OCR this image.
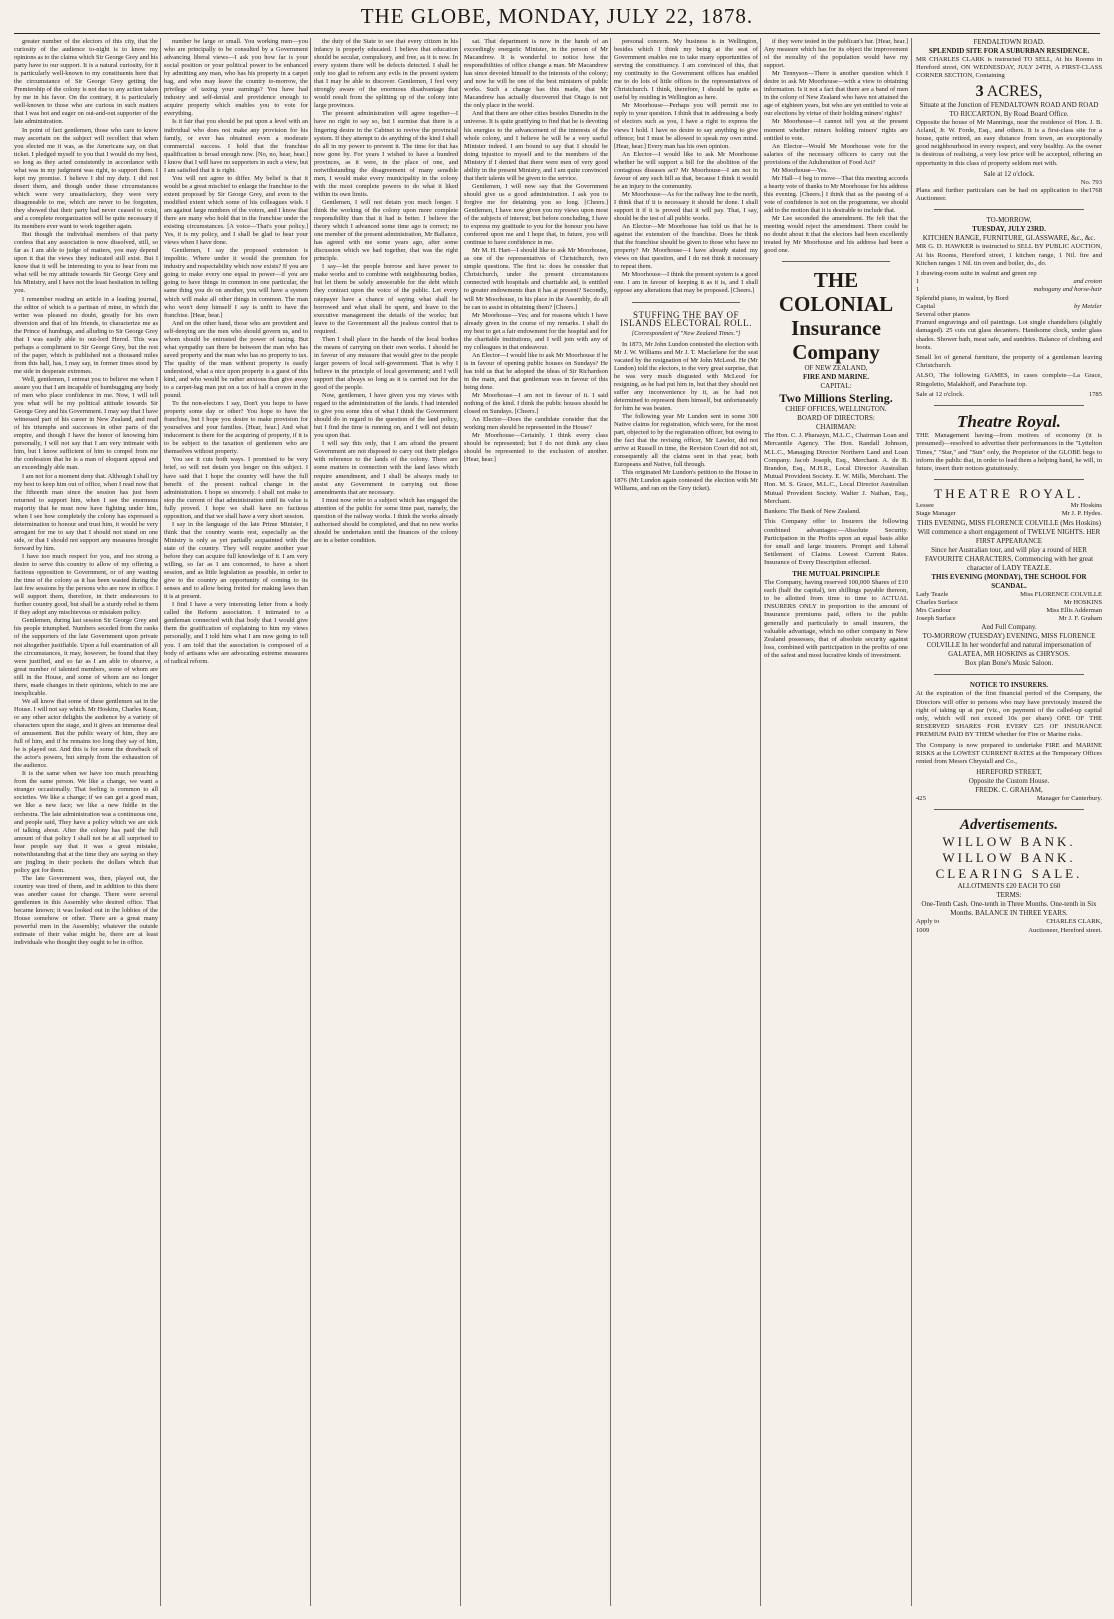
THE GLOBE, MONDAY, JULY 22, 1878.

greater number of the electors of this city, that the curiosity of the audience to-night is to know my opinions as to the claims which Sir George Grey and his party have to our support. It is a natural curiosity, for it is particularly well-known to my constituents here that the circumstance of Sir George Grey getting the Premiership of the colony is not due to any action taken by me in his favor. On the contrary, it is particularly well-known to those who are curious in such matters that I was hot and eager on out-and-out supporter of the late administration.

In point of fact gentlemen, those who care to know may ascertain on the subject will recollect that when you elected me it was, as the Americans say, on that ticket. I pledged myself to you that I would do my best, so long as they acted consistently in accordance with what was in my judgment was right, to support them. I kept my promise. I believe I did my duty. I did not desert them, and though under these circumstances which were very unsatisfactory, they were very disagreeable to me, which are never to be forgotten, they showed that their party had never ceased to exist, and a complete reorganization will be quite necessary if its members ever want to work together again.

But though the individual members of that party confess that any association is now dissolved, still, so far as I am able to judge of matters, you may depend upon it that the views they indicated still exist. But I know that it will be interesting to you to hear from me what will be my attitude towards Sir George Grey and his Ministry, and I have not the least hesitation in telling you.

I remember reading an article in a leading journal, the editor of which is a partisan of mine, in which the writer was pleased no doubt, greatly for his own diversion and that of his friends, to characterize me as the Prince of humbugs, and alluding to Sir George Grey that I was easily able to out-lord Herod. This was perhaps a compliment to Sir George Grey, but the rest of the paper, which is published not a thousand miles from this hall, has, I may say, in former times stood by me side in desperate extremes.

Well, gentlemen, I entreat you to believe me when I assure you that I am incapable of humbugging any body of men who place confidence in me. Now, I will tell you what will be my political attitude towards Sir George Grey and his Government. I may say that I have witnessed part of his career in New Zealand, and read of his triumphs and successes in other parts of the empire, and though I have the honor of knowing him personally, I will not say that I am very intimate with him, but I know sufficient of him to compel from me the confession that he is a man of eloquent appeal and an exceedingly able man.

I am not for a moment deny that. Although I shall try my best to keep him out of office, when I read now that the fifteenth man since the session has just been returned to support him, when I see the enormous majority that he must now have fighting under him, when I see how completely the colony has expressed a determination to honour and trust him, it would be very arrogant for me to say that I should not stand on one side, or that I should not support any measures brought forward by him.

I have too much respect for you, and too strong a desire to serve this country to allow of my offering a factious opposition to Government, or of any wasting the time of the colony as it has been wasted during the last few sessions by the persons who are now in office. I will support them, therefore, in their endeavours to further country good, but shall be a sturdy rebel to them if they adopt any mischievous or mistaken policy.

Gentlemen, during last session Sir George Grey and his people triumphed. Numbers seceded from the ranks of the supporters of the late Government upon private not altogether justifiable. Upon a full examination of all the circumstances, it may, however, be found that they were justified, and so far as I am able to observe, a great number of talented members, some of whom are still in the House, and some of whom are no longer there, made changes in their opinions, which to me are inexplicable.

We all know that some of these gentlemen sat in the House. I will not say which. Mr Hoskins, Charles Kean, or any other actor delights the audience by a variety of characters upon the stage, and it gives an immense deal of amusement. But the public weary of him, they are full of him, and if he remains too long they say of him, he is played out. And this is for some the drawback of the actor's powers, but simply from the exhaustion of the audience.

It is the same when we have too much preaching from the same person. We like a change, we want a stranger occasionally. That feeling is common to all societies. We like a change; if we can get a good man, we like a new face; we like a new fiddle in the orchestra. The late administration was a continuous one, and people said, They have a policy which we are sick of talking about. After the colony has paid the full amount of that policy I shall not be at all surprised to hear people say that it was a great mistake, notwithstanding that at the time they are saying so they are jingling in their pockets the dollars which that policy got for them.

The late Government was, then, played out, the country was tired of them, and in addition to this there was another cause for change. There were several gentlemen in this Assembly who desired office. That became known; it was looked out in the lobbies of the House somehow or other. There are a great many powerful men in the Assembly; whatever the outside estimate of their value might be, there are at least individuals who thought they ought to be in office.

number be large or small. You working men—you who are principally to be consulted by a Government advancing liberal views—I ask you how far is your social position or your political power to be enhanced by admitting any man, who has his property in a carpet bag, and who may leave the country to-morrow, the privilege of taxing your earnings? You have had industry and self-denial and providence enough to acquire property which enables you to vote for everything.

Is it fair that you should be put upon a level with an individual who does not make any provision for his family, or ever has obtained even a moderate commercial success. I hold that the franchise qualification is broad enough now. [No, no, hear, hear.] I know that I will have no supporters in such a view, but I am satisfied that it is right.

You will not agree to differ. My belief is that it would be a great mischief to enlarge the franchise to the extent proposed by Sir George Grey, and even to the modified extent which some of his colleagues wish. I am against large numbers of the voters, and I know that there are many who hold that in the franchise under the existing circumstances. [A voice—That's your policy.] Yes, it is my policy, and I shall be glad to hear your views when I have done.

Gentlemen, I say the proposed extension is impolitic. Where under it would the premium for industry and respectability which now exists? If you are going to make every one equal in power—if you are going to have things in common in one particular, the same thing you do on another, you will have a system which will make all other things in common. The man who won't deny himself I say is unfit to have the franchise. [Hear, hear.]

And on the other hand, those who are provident and self-denying are the men who should govern us, and to whom should be entrusted the power of taxing. But what sympathy can there be between the man who has saved property and the man who has no property to tax. The quality of the man without property is easily understood, what a nice upon property is a guest of this kind, and who would be rather anxious than give away to a carpet-bag man put on a tax of half a crown in the pound.

To the non-electors I say, Don't you hope to have property some day or other? You hope to have the franchise, but I hope you desire to make provision for yourselves and your families. [Hear, hear.] And what inducement is there for the acquiring of property, if it is to be subject to the taxation of gentlemen who are themselves without property.

You see it cuts both ways. I promised to be very brief, so will not detain you longer on this subject. I have said that I hope the country will have the full benefit of the present radical change in the administration. I hope so sincerely. I shall not make to stop the current of that administration until its value is fully proved. I hope we shall have no factious opposition, and that we shall have a very short session.

I say in the language of the late Prime Minister, I think that the country wants rest, especially as the Ministry is only as yet partially acquainted with the state of the country. They will require another year before they can acquire full knowledge of it. I am very willing, so far as I am concerned, to have a short session, and as little legislation as possible, in order to give to the country an opportunity of coming to its senses and to allow being fretted for making laws than it is at present.

I find I have a very interesting letter from a body called the Reform association. I intimated to a gentleman connected with that body that I would give them the gratification of explaining to him my views personally, and I told him what I am now going to tell you. I am told that the association is composed of a body of artisans who are advocating extreme measures of radical reform.

the duty of the State to see that every citizen in his infancy is properly educated. I believe that education should be secular, compulsory, and free, as it is now. In every system there will be defects detected. I shall be only too glad to reform any evils in the present system that I may be able to discover. Gentlemen, I feel very strongly aware of the enormous disadvantage that would result from the splitting up of the colony into large provinces.

The present administration will agree together—I have no right to say so, but I surmise that there is a lingering desire in the Cabinet to revive the provincial system. If they attempt to do anything of the kind I shall do all in my power to prevent it. The time for that has now gone by. For years I wished to have a hundred provinces, as it were, in the place of one, and notwithstanding the disagreement of many sensible men, I would make every municipality in the colony with the most complete powers to do what it liked within its own limits.

Gentlemen, I will not detain you much longer. I think the working of the colony upon more complete responsibility than that it had is better. I believe the theory which I advanced some time ago is correct; no one member of the present administration, Mr Ballance, has agreed with me some years ago, after some discussion which we had together, that was the right principle.

I say—let the people borrow and have power to make works and to combine with neighbouring bodies, but let them be solely answerable for the debt which they contract upon the voice of the public. Let every ratepayer have a chance of saying what shall be borrowed and what shall be spent, and leave to the executive management the details of the works; but leave to the Government all the jealous control that is required.

Then I shall place in the hands of the local bodies the means of carrying on their own works. I should be in favour of any measure that would give to the people larger powers of local self-government. That is why I believe in the principle of local government; and I will support that always so long as it is carried out for the good of the people.

Now, gentlemen, I have given you my views with regard to the administration of the lands. I had intended to give you some idea of what I think the Government should do in regard to the question of the land policy, but I find the time is running on, and I will not detain you upon that.

I will say this only, that I am afraid the present Government are not disposed to carry out their pledges with reference to the lands of the colony. There are some matters in connection with the land laws which require amendment, and I shall be always ready to assist any Government in carrying out those amendments that are necessary.

I must now refer to a subject which has engaged the attention of the public for some time past, namely, the question of the railway works. I think the works already authorised should be completed, and that no new works should be undertaken until the finances of the colony are in a better condition.

sat. That department is now in the hands of an exceedingly energetic Minister, in the person of Mr Macandrew. It is wonderful to notice how the responsibilities of office change a man. Mr Macandrew has since devoted himself to the interests of the colony; and now he will be one of the best ministers of public works. Such a change has this made, that Mr Macandrew has actually discovered that Otago is not the only place in the world.

And that there are other cities besides Dunedin in the universe. It is quite gratifying to find that he is devoting his energies to the advancement of the interests of the whole colony, and I believe he will be a very useful Minister indeed. I am bound to say that I should be doing injustice to myself and to the members of the Ministry if I denied that there were men of very good ability in the present Ministry, and I am quite convinced that their talents will be given to the service.

Gentlemen, I will now say that the Government should give us a good administration. I ask you to forgive me for detaining you so long. [Cheers.] Gentlemen, I have now given you my views upon most of the subjects of interest; but before concluding, I have to express my gratitude to you for the honour you have conferred upon me and I hope that, in future, you will continue to have confidence in me.

Mr M. H. Hart—I should like to ask Mr Moorhouse, as one of the representatives of Christchurch, two simple questions. The first is: does he consider that Christchurch, under the present circumstances connected with hospitals and charitable aid, is entitled to greater endowments than it has at present? Secondly, will Mr Moorhouse, in his place in the Assembly, do all he can to assist in obtaining them? [Cheers.]

Mr Moorhouse—Yes; and for reasons which I have already given in the course of my remarks. I shall do my best to get a fair endowment for the hospital and for the charitable institutions, and I will join with any of my colleagues in that endeavour.

An Elector—I would like to ask Mr Moorhouse if he is in favour of opening public houses on Sundays? He has told us that he adopted the ideas of Sir Richardson in the main, and that gentleman was in favour of this being done.

Mr Moorhouse—I am not in favour of it. I said nothing of the kind. I think the public houses should be closed on Sundays. [Cheers.]

An Elector—Does the candidate consider that the working men should be represented in the House?

Mr Moorhouse—Certainly. I think every class should be represented; but I do not think any class should be represented to the exclusion of another. [Hear, hear.]

personal concern. My business is in Wellington, besides which I think my being at the seat of Government enables me to take many opportunities of serving the constituency. I am convinced of this, that my continuity to the Government offices has enabled me to do lots of little offices to the representatives of Christchurch. I think, therefore, I should be quite as useful by residing in Wellington as here.

Mr Moorhouse—Perhaps you will permit me to reply to your question. I think that in addressing a body of electors such as you, I have a right to express the views I hold. I have no desire to say anything to give offence; but I must be allowed to speak my own mind. [Hear, hear.] Every man has his own opinion.

An Elector—I would like to ask Mr Moorhouse whether he will support a bill for the abolition of the contagious diseases act? Mr Moorhouse—I am not in favour of any such bill as that, because I think it would be an injury to the community.

Mr Moorhouse—As for the railway line to the north, I think that if it is necessary it should be done. I shall support it if it is proved that it will pay. That, I say, should be the test of all public works.

An Elector—Mr Moorhouse has told us that he is against the extension of the franchise. Does he think that the franchise should be given to those who have no property? Mr Moorhouse—I have already stated my views on that question, and I do not think it necessary to repeat them.

Mr Moorhouse—I think the present system is a good one. I am in favour of keeping it as it is, and I shall oppose any alterations that may be proposed. [Cheers.]

STUFFING THE BAY OF ISLANDS ELECTORAL ROLL.
[Correspondent of "New Zealand Times."]

In 1873, Mr John Lundon contested the election with Mr J. W. Williams and Mr J. T. Macfarlane for the seat vacated by the resignation of Mr John McLeod. He (Mr Lundon) told the electors, to the very great surprise, that he was very much disgusted with McLeod for resigning, as he had put him in, but that they should not suffer any inconvenience by it, as he had not determined to represent them himself, but unfortunately for him he was beaten.

The following year Mr Lundon sent in some 300 Native claims for registration, which were, for the most part, objected to by the registration officer, but owing to the fact that the revising officer, Mr Lawlor, did not arrive at Russell in time, the Revision Court did not sit, consequently all the claims sent in that year, both Europeans and Native, full through.

This originated Mr Lundon's petition to the House in 1876 (Mr Lundon again contested the election with Mr Williams, and ran on the Grey ticket).

if they were tested in the publican's bar. [Hear, hear.] Any measure which has for its object the improvement of the morality of the population would have my support.

Mr Tennyson—There is another question which I desire to ask Mr Moorhouse—with a view to obtaining information. Is it not a fact that there are a band of men in the colony of New Zealand who have not attained the age of eighteen years, but who are yet entitled to vote at our elections by virtue of their holding miners' rights?

Mr Moorhouse—I cannot tell you at the present moment whether miners holding miners' rights are entitled to vote.

An Elector—Would Mr Moorhouse vote for the salaries of the necessary officers to carry out the provisions of the Adulteration of Food Act?

Mr Moorhouse—Yes.

Mr Hall—I beg to move—That this meeting accords a hearty vote of thanks to Mr Moorhouse for his address this evening. [Cheers.] I think that as the passing of a vote of confidence is not on the programme, we should add to the motion that it is desirable to include that.

Mr Lee seconded the amendment. He felt that the meeting would reject the amendment. There could be no doubt about it that the electors had been excellently treated by Mr Moorhouse and his address had been a good one.

THE COLONIAL

Insurance Company

OF NEW ZEALAND,

FIRE AND MARINE.

CAPITAL:

Two Millions Sterling.

CHIEF OFFICES, WELLINGTON.

BOARD OF DIRECTORS:

CHAIRMAN:

The Hon. C. J. Pharazyn, M.L.C., Chairman Loan and Mercantile Agency. The Hon. Randall Johnson, M.L.C., Managing Director Northern Land and Loan Company. Jacob Joseph, Esq., Merchant. A. de B. Brandon, Esq., M.H.R., Local Director Australian Mutual Provident Society. E. W. Mills, Merchant. The Hon. M. S. Grace, M.L.C., Local Director Australian Mutual Provident Society. Walter J. Nathan, Esq., Merchant.

Bankers: The Bank of New Zealand.

This Company offer to Insurers the following combined advantages:—Absolute Security. Participation in the Profits upon an equal basis alike for small and large insurers. Prompt and Liberal Settlement of Claims. Lowest Current Rates. Insurance of Every Description effected.

THE MUTUAL PRINCIPLE

The Company, having reserved 100,000 Shares of £10 each (half the capital), ten shillings payable thereon, to be allotted from time to time to ACTUAL INSURERS ONLY in proportion to the amount of Insurance premiums paid, offers to the public generally and particularly to small insurers, the valuable advantage, which no other company in New Zealand possesses, that of absolute security against loss, combined with participation in the profits of one of the safest and most lucrative kinds of investment.

FENDALTOWN ROAD.

SPLENDID SITE FOR A SUBURBAN RESIDENCE.

MR CHARLES CLARK is instructed TO SELL, At his Rooms in Hereford street, ON WEDNESDAY, JULY 24TH, A FIRST-CLASS CORNER SECTION, Containing

3 ACRES,

Situate at the Junction of FENDALTOWN ROAD AND ROAD TO RICCARTON, By Road Board Office.

Opposite the house of Mr Mannings, near the residence of Hon. J. B. Acland, Jr. W. Forde, Esq., and others. It is a first-class site for a house, quite retired, an easy distance from town, an exceptionally good neighbourhood in every respect, and very healthy. As the owner is desirous of realising, a very low price will be accepted, offering an opportunity in this class of property seldom met with.

Sale at 12 o'clock.

No. 793
Plans and further particulars can be had on application to the Auctioneer.
1768

TO-MORROW,

TUESDAY, JULY 23RD.

KITCHEN RANGE, FURNITURE, GLASSWARE, &c., &c.

MR G. D. HAWKER is instructed to SELL BY PUBLIC AUCTION, At his Rooms, Hereford street, 1 kitchen range, 1 Nil. fire and Kitchen ranges 1 Nil. tin oven and boiler, do., do.

1 drawing-room suite in walnut and green rep
1	and croton
1	mahogany and horse-hair
Splendid piano, in walnut, by Bord
Capital	by Metzler
Several other pianos

Framed engravings and oil paintings. Lot single chandeliers (slightly damaged). 25 cuts cut glass decanters. Handsome clock, under glass shades. Shower bath, meat safe, and sundries. Balance of clothing and boots.

Small lot of general furniture, the property of a gentleman leaving Christchurch.

ALSO, The following GAMES, in cases complete—La Grace, Ringoletto, Malakhoff, and Parachute top.

Sale at 12 o'clock.	1785

Theatre Royal.

THE Management having—from motives of economy (it is presumed)—resolved to advertise their performances in the "Lyttelton Times," "Star," and "Sun" only, the Proprietor of the GLOBE begs to inform the public that, in order to lead them a helping hand, he will, in future, insert their notices gratuitously.

THEATRE ROYAL.

Lessee	Mr Hoskins
Stage Manager	Mr J. P. Hydes.

THIS EVENING, MISS FLORENCE COLVILLE (Mrs Hoskins)

Will commence a short engagement of TWELVE NIGHTS. HER FIRST APPEARANCE

Since her Australian tour, and will play a round of HER FAVOURITE CHARACTERS, Commencing with her great character of LADY TEAZLE.

THIS EVENING (MONDAY), THE SCHOOL FOR SCANDAL.

Lady Teazle	Miss FLORENCE COLVILLE
Charles Surface	Mr HOSKINS
Mrs Candour	Miss Ellis Adderman
Joseph Surface	Mr J. F. Graham

And Full Company.

TO-MORROW (TUESDAY) EVENING, MISS FLORENCE COLVILLE In her wonderful and natural impersonation of GALATEA, MR HOSKINS as CHRYSOS.

Box plan Bone's Music Saloon.

NOTICE TO INSURERS.

At the expiration of the first financial period of the Company, the Directors will offer to persons who may have previously insured the right of taking up at par (viz., on payment of the called-up capital only, which will not exceed 10s per share) ONE OF THE RESERVED SHARES FOR EVERY £25 OF INSURANCE PREMIUM PAID BY THEM whether for Fire or Marine risks.

The Company is now prepared to undertake FIRE and MARINE RISKS at the LOWEST CURRENT RATES at the Temporary Offices rented from Messrs Chrystall and Co.,

HEREFORD STREET,

Opposite the Custom House.

FREDK. C. GRAHAM,

425	Manager for Canterbury.

Advertisements.

WILLOW BANK.

WILLOW BANK.

CLEARING SALE.

ALLOTMENTS £20 EACH TO £60

TERMS:

One-Tenth Cash. One-tenth in Three Months. One-tenth in Six Months. BALANCE IN THREE YEARS.

Apply to	CHARLES CLARK,
1009	Auctioneer, Hereford street.
